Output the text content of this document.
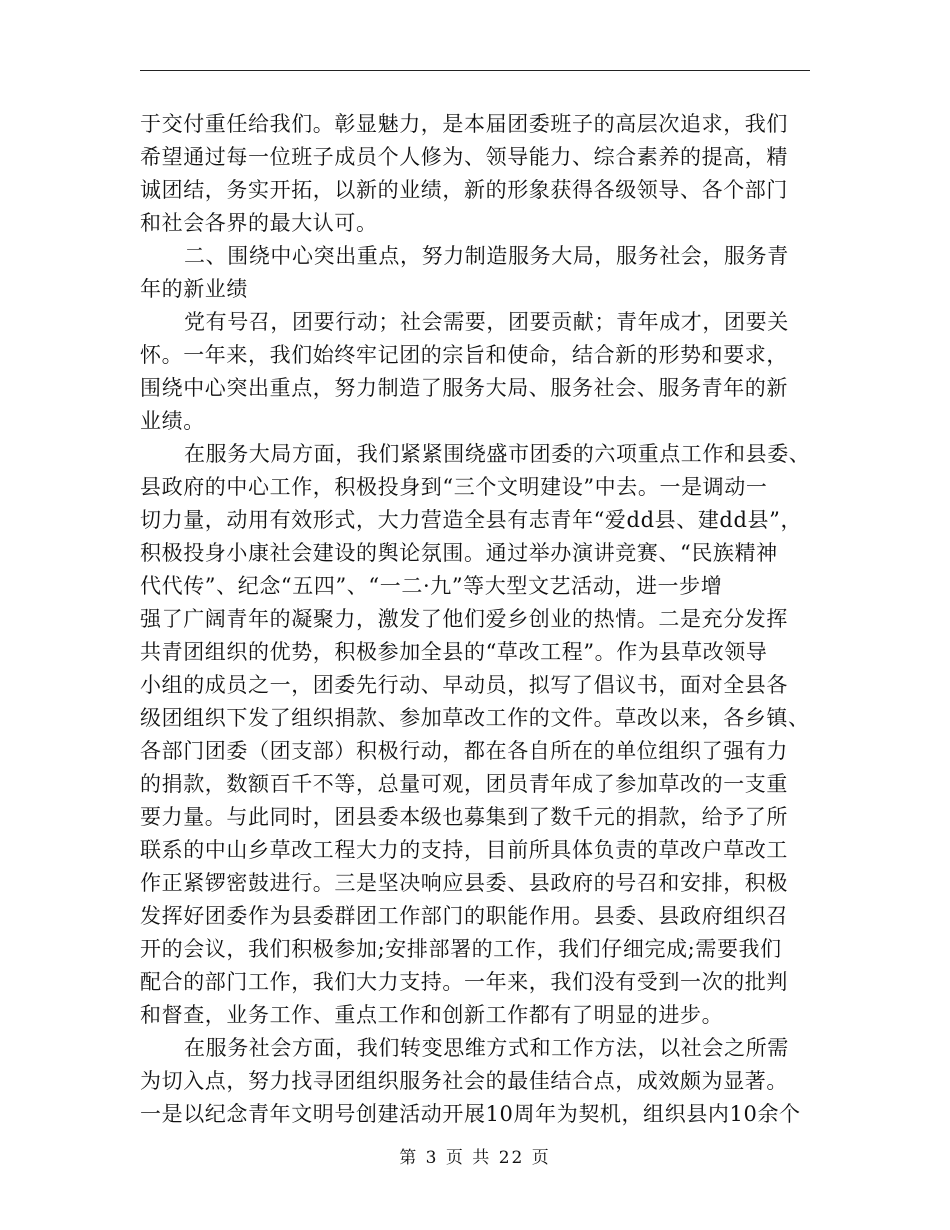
于交付重任给我们。彰显魅力，是本届团委班子的高层次追求，我们
希望通过每一位班子成员个人修为、领导能力、综合素养的提高，精
诚团结，务实开拓，以新的业绩，新的形象获得各级领导、各个部门
和社会各界的最大认可。
二、围绕中心突出重点，努力制造服务大局，服务社会，服务青
年的新业绩
党有号召，团要行动；社会需要，团要贡献；青年成才，团要关
怀。一年来，我们始终牢记团的宗旨和使命，结合新的形势和要求，
围绕中心突出重点，努力制造了服务大局、服务社会、服务青年的新
业绩。
在服务大局方面，我们紧紧围绕盛市团委的六项重点工作和县委、
县政府的中心工作，积极投身到“三个文明建设”中去。一是调动一
切力量，动用有效形式，大力营造全县有志青年“爱dd县、建dd县”，
积极投身小康社会建设的舆论氛围。通过举办演讲竞赛、“民族精神
代代传”、纪念“五四”、“一二·九”等大型文艺活动，进一步增
强了广阔青年的凝聚力，激发了他们爱乡创业的热情。二是充分发挥
共青团组织的优势，积极参加全县的“草改工程”。作为县草改领导
小组的成员之一，团委先行动、早动员，拟写了倡议书，面对全县各
级团组织下发了组织捐款、参加草改工作的文件。草改以来，各乡镇、
各部门团委（团支部）积极行动，都在各自所在的单位组织了强有力
的捐款，数额百千不等，总量可观，团员青年成了参加草改的一支重
要力量。与此同时，团县委本级也募集到了数千元的捐款，给予了所
联系的中山乡草改工程大力的支持，目前所具体负责的草改户草改工
作正紧锣密鼓进行。三是坚决响应县委、县政府的号召和安排，积极
发挥好团委作为县委群团工作部门的职能作用。县委、县政府组织召
开的会议，我们积极参加;安排部署的工作，我们仔细完成;需要我们
配合的部门工作，我们大力支持。一年来，我们没有受到一次的批判
和督查，业务工作、重点工作和创新工作都有了明显的进步。
在服务社会方面，我们转变思维方式和工作方法，以社会之所需
为切入点，努力找寻团组织服务社会的最佳结合点，成效颇为显著。
一是以纪念青年文明号创建活动开展10周年为契机，组织县内10余个
第 3 页 共 22 页
